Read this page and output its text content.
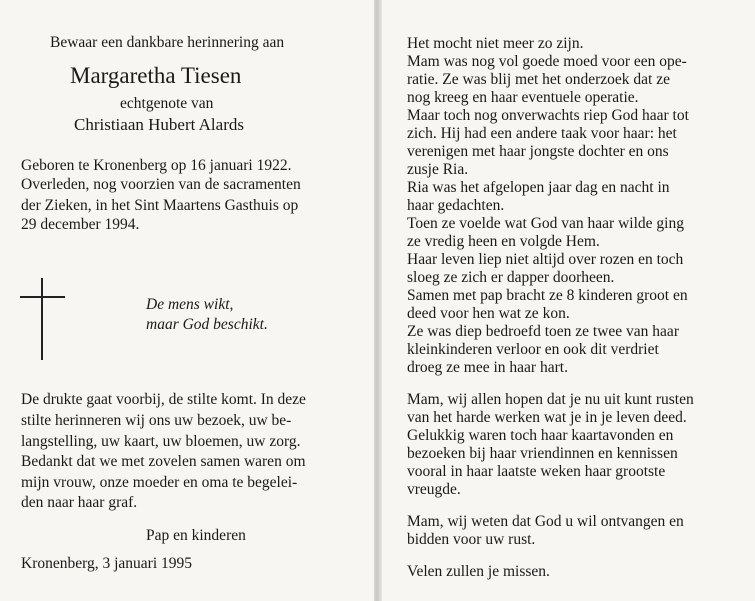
Bewaar een dankbare herinnering aan
Margaretha Tiesen
echtgenote van
Christiaan Hubert Alards
Geboren te Kronenberg op 16 januari 1922.
Overleden, nog voorzien van de sacramenten
der Zieken, in het Sint Maartens Gasthuis op
29 december 1994.
De mens wikt,
maar God beschikt.
De drukte gaat voorbij, de stilte komt. In deze
stilte herinneren wij ons uw bezoek, uw be-
langstelling, uw kaart, uw bloemen, uw zorg.
Bedankt dat we met zovelen samen waren om
mijn vrouw, onze moeder en oma te begelei-
den naar haar graf.
Pap en kinderen
Kronenberg, 3 januari 1995
Het mocht niet meer zo zijn.
Mam was nog vol goede moed voor een ope-
ratie. Ze was blij met het onderzoek dat ze
nog kreeg en haar eventuele operatie.
Maar toch nog onverwachts riep God haar tot
zich. Hij had een andere taak voor haar: het
verenigen met haar jongste dochter en ons
zusje Ria.
Ria was het afgelopen jaar dag en nacht in
haar gedachten.
Toen ze voelde wat God van haar wilde ging
ze vredig heen en volgde Hem.
Haar leven liep niet altijd over rozen en toch
sloeg ze zich er dapper doorheen.
Samen met pap bracht ze 8 kinderen groot en
deed voor hen wat ze kon.
Ze was diep bedroefd toen ze twee van haar
kleinkinderen verloor en ook dit verdriet
droeg ze mee in haar hart.
Mam, wij allen hopen dat je nu uit kunt rusten
van het harde werken wat je in je leven deed.
Gelukkig waren toch haar kaartavonden en
bezoeken bij haar vriendinnen en kennissen
vooral in haar laatste weken haar grootste
vreugde.
Mam, wij weten dat God u wil ontvangen en
bidden voor uw rust.
Velen zullen je missen.
